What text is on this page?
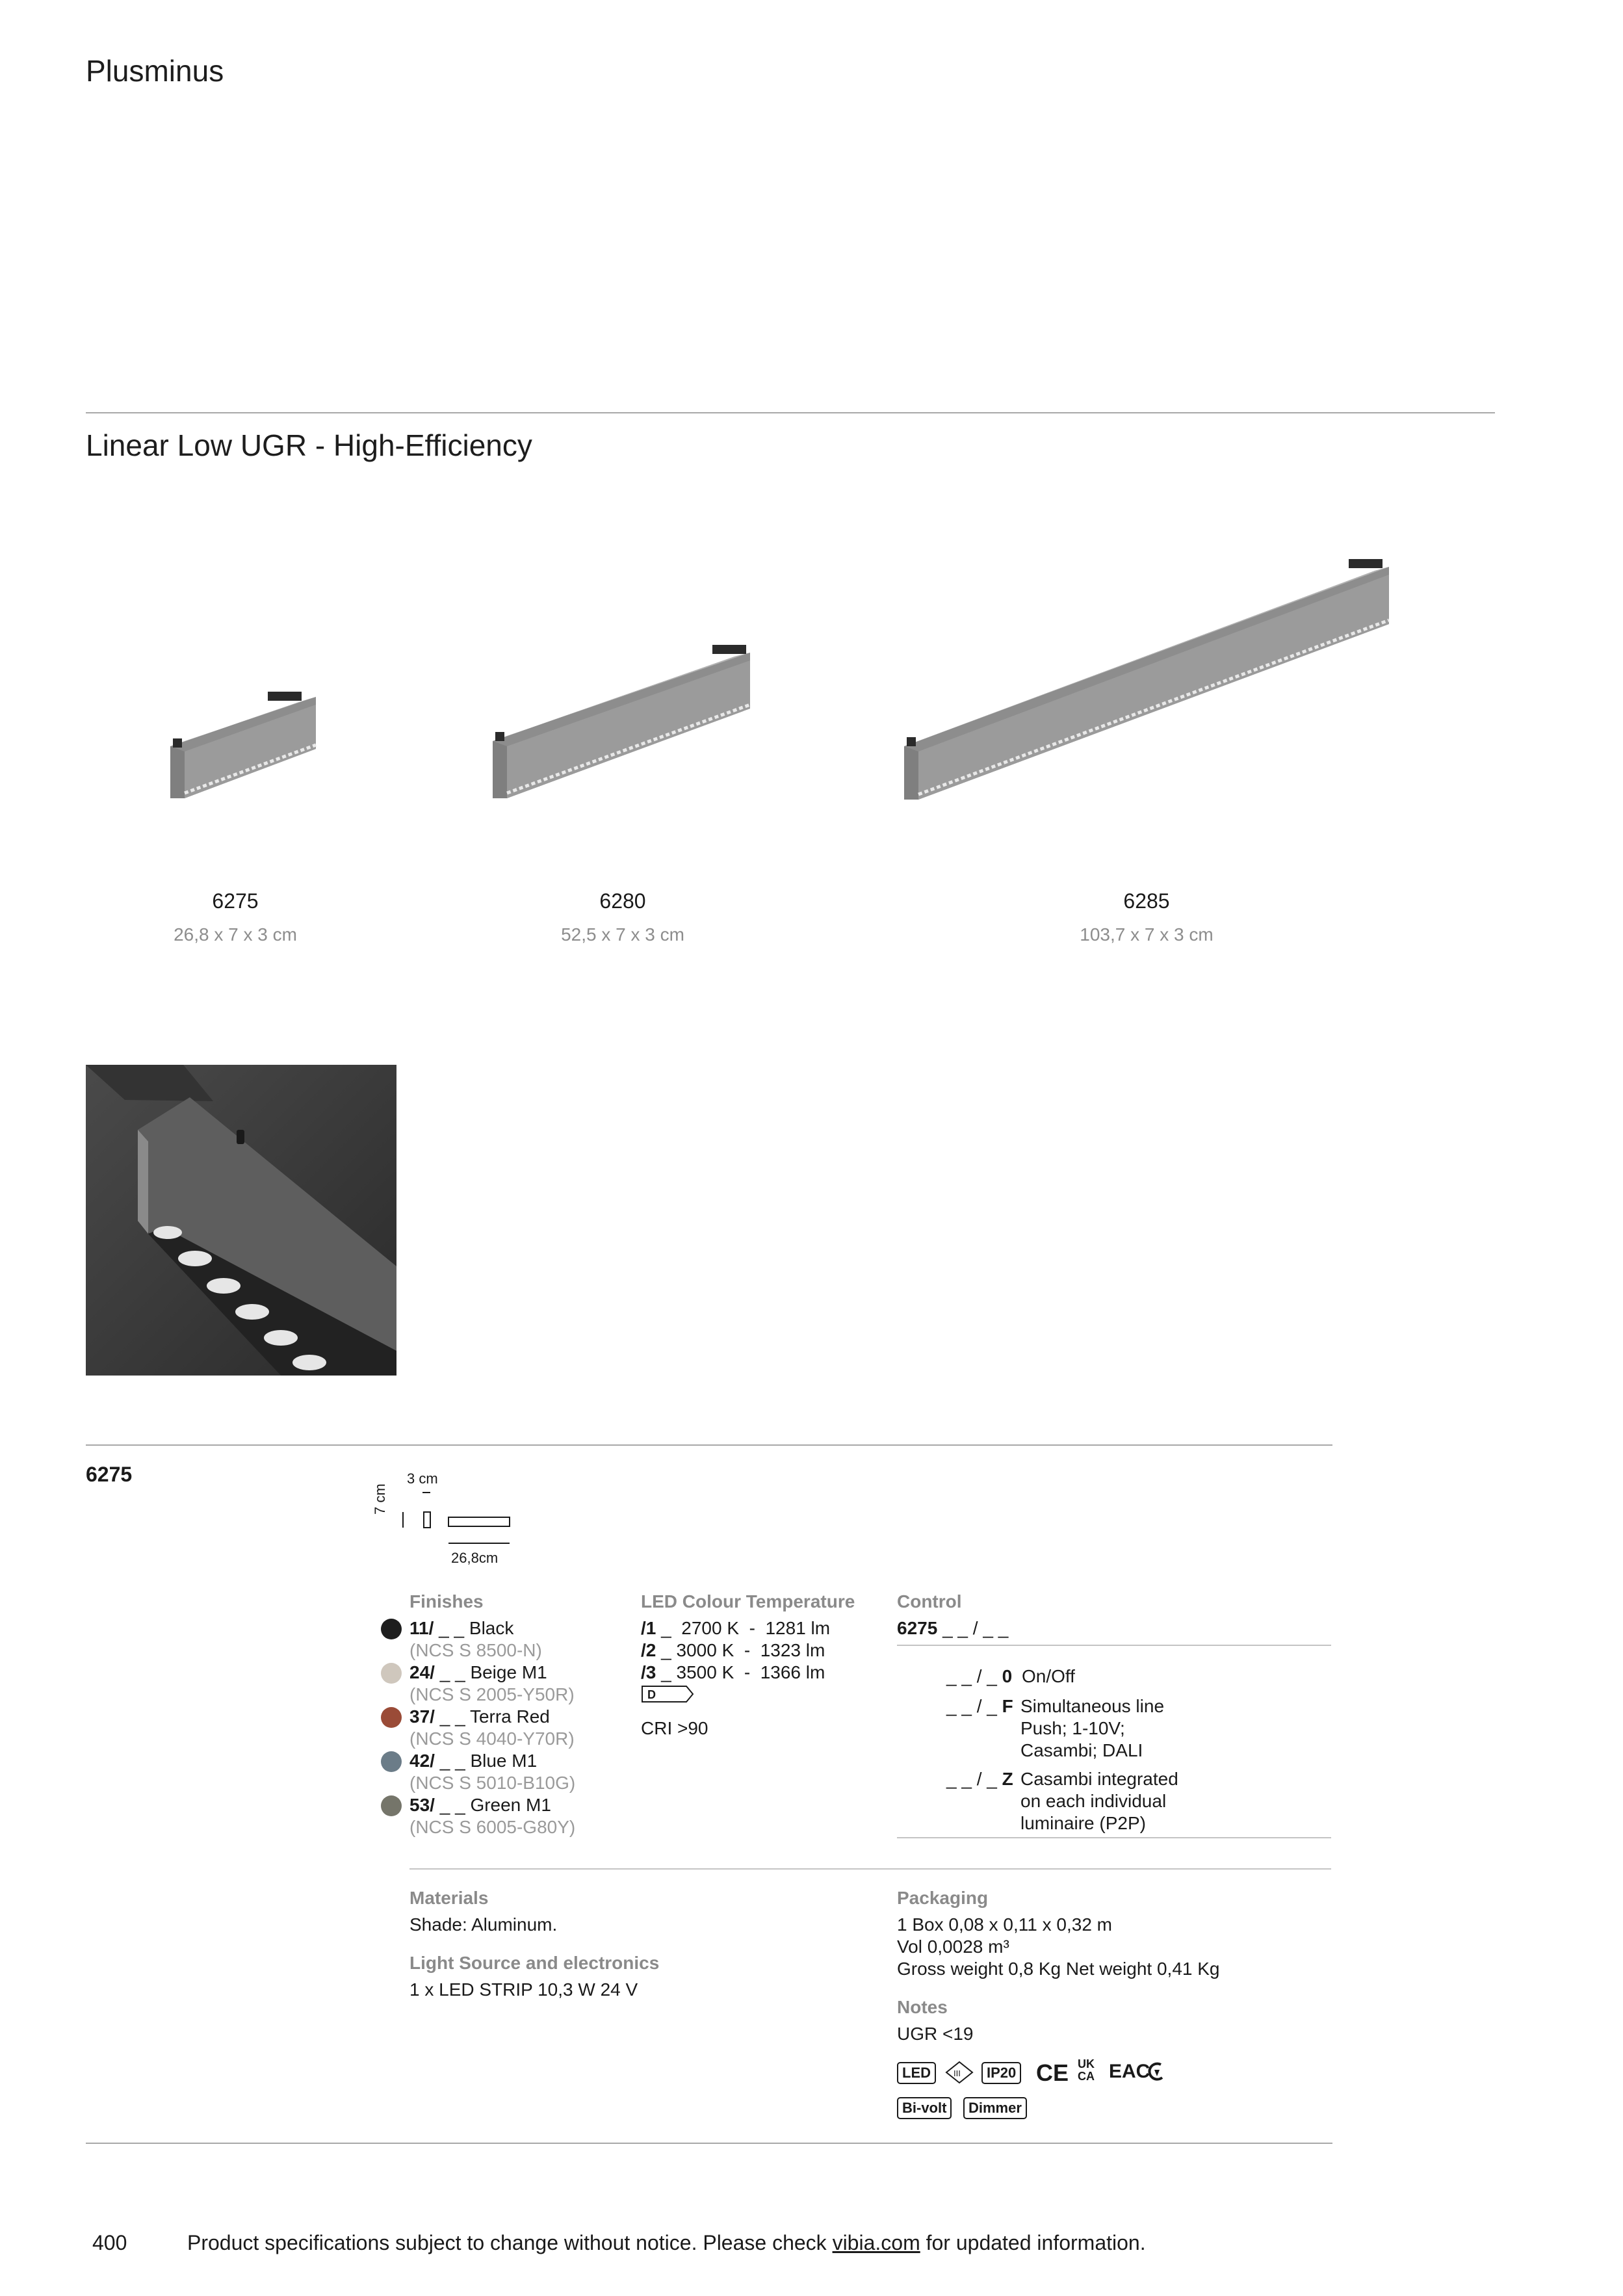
Plusminus
Linear Low UGR - High-Efficiency
6275
26,8 x 7 x 3 cm
6280
52,5 x 7 x 3 cm
6285
103,7 x 7 x 3 cm
6275	3 cm
7 cm
26,8cm
Finishes
11/ _ _ Black
(NCS S 8500-N)
24/ _ _ Beige M1
(NCS S 2005-Y50R)
37/ _ _ Terra Red
(NCS S 4040-Y70R)
42/ _ _ Blue M1
(NCS S 5010-B10G)
53/ _ _ Green M1
(NCS S 6005-G80Y)
LED Colour Temperature
/1 _ 2700 K - 1281 lm
/2 _ 3000 K - 1323 lm
/3 _ 3500 K - 1366 lm
D
CRI >90
Control
6275 _ _ / _ _
_ _ / _ 0 On/Off
_ _ / _ F Simultaneous line
Push; 1-10V;
Casambi; DALI
_ _ / _ Z Casambi integrated
on each individual
luminaire (P2P)
Materials
Shade: Aluminum.
Light Source and electronics
1 x LED STRIP 10,3 W 24 V
Packaging
1 Box 0,08 x 0,11 x 0,32 m
Vol 0,0028 m³
Gross weight 0,8 Kg Net weight 0,41 Kg
Notes
UGR <19
LED	III	IP20 CE UK
CA EAC
Bi-volt	Dimmer
400	Product specifications subject to change without notice. Please check vibia.com for updated information.
